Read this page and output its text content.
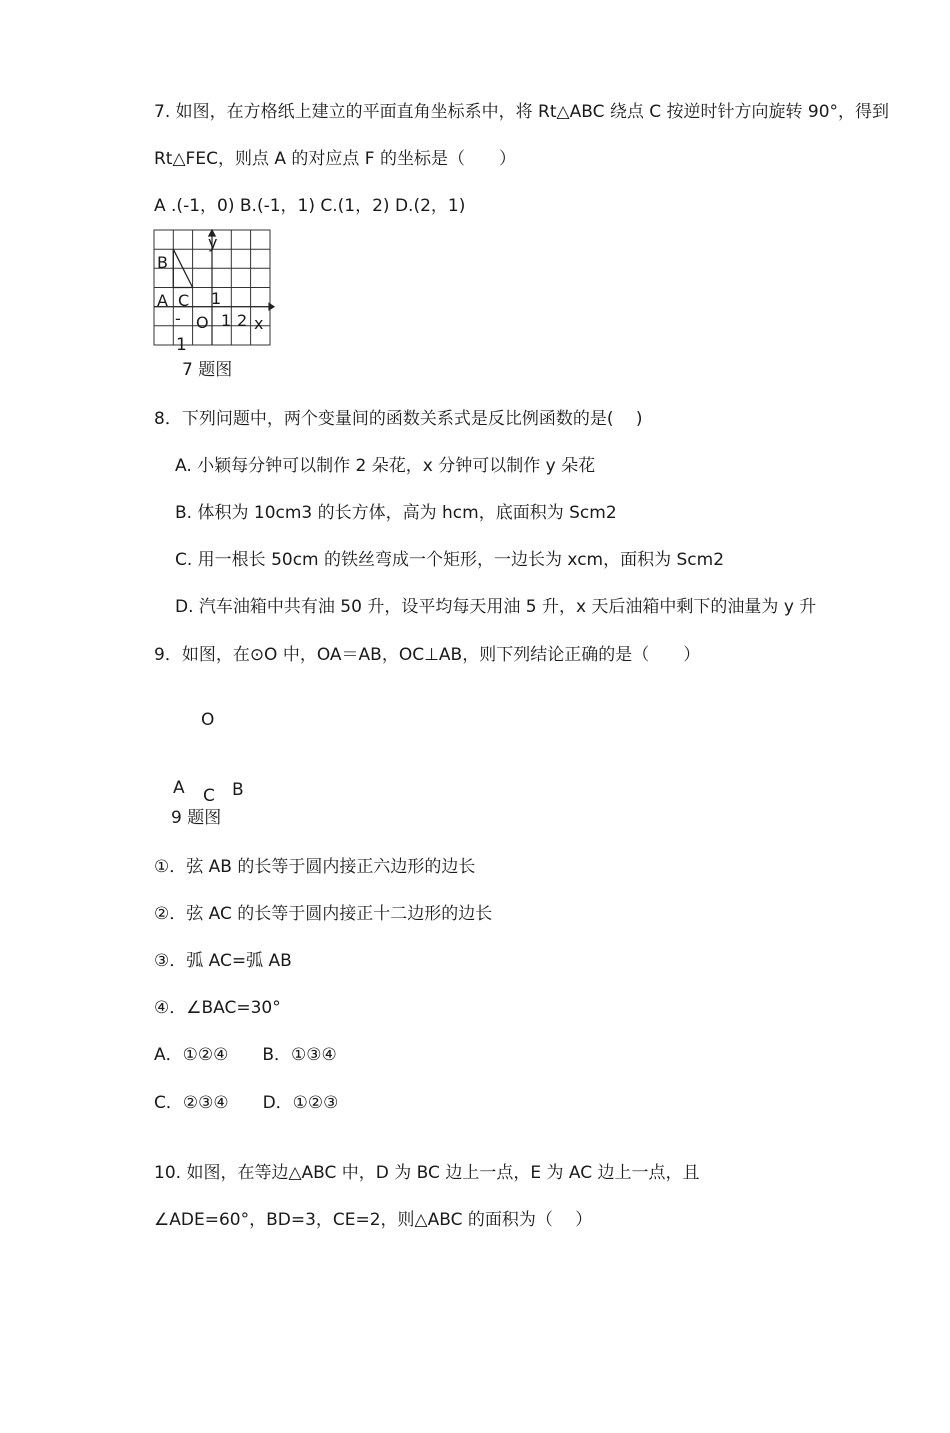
7. 如图，在方格纸上建立的平面直角坐标系中，将 Rt△ABC 绕点 C 按逆时针方向旋转 90°，得到
Rt△FEC，则点 A 的对应点 F 的坐标是（　　）
A .(-1，0) B.(-1，1) C.(1，2) D.(2，1)
y
B
A C 1
- O 1 2 x
1
7 题图
8．下列问题中，两个变量间的函数关系式是反比例函数的是(　 )
A. 小颖每分钟可以制作 2 朵花，x 分钟可以制作 y 朵花
B. 体积为 10cm3 的长方体，高为 hcm，底面积为 Scm2
C. 用一根长 50cm 的铁丝弯成一个矩形，一边长为 xcm，面积为 Scm2
D. 汽车油箱中共有油 50 升，设平均每天用油 5 升，x 天后油箱中剩下的油量为 y 升
9．如图，在⊙O 中，OA＝AB，OC⊥AB，则下列结论正确的是（　　）
O
A C B
9 题图
①．弦 AB 的长等于圆内接正六边形的边长
②．弦 AC 的长等于圆内接正十二边形的边长
③．弧 AC=弧 AB
④．∠BAC=30°
A．①②④　　B．①③④
C．②③④　　D．①②③
10. 如图，在等边△ABC 中，D 为 BC 边上一点，E 为 AC 边上一点，且
∠ADE=60°，BD=3，CE=2，则△ABC 的面积为（　 ）
